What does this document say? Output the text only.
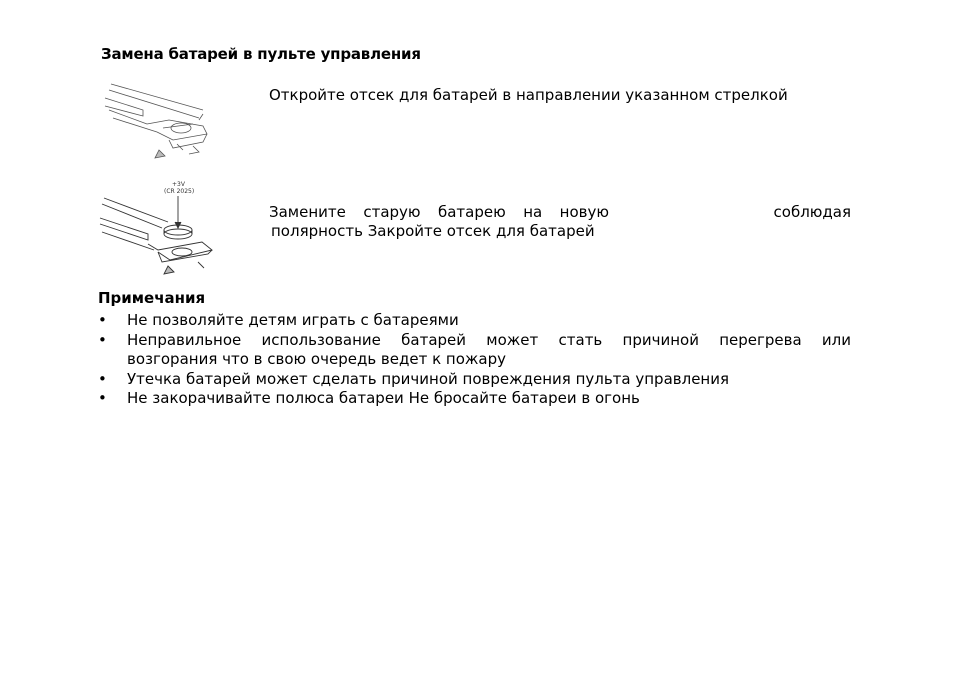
Замена батарей в пульте управления
+3V
(CR 2025)
Откройте отсек для батарей в направлении указанном стрелкой
Замените старую батарею на новую	соблюдая
полярность Закройте отсек для батарей
Примечания
• Не позволяйте детям играть с батареями
• Неправильное использование батарей может стать причиной перегрева или
возгорания что в свою очередь ведет к пожару
• Утечка батарей может сделать причиной повреждения пульта управления
• Не закорачивайте полюса батареи Не бросайте батареи в огонь
